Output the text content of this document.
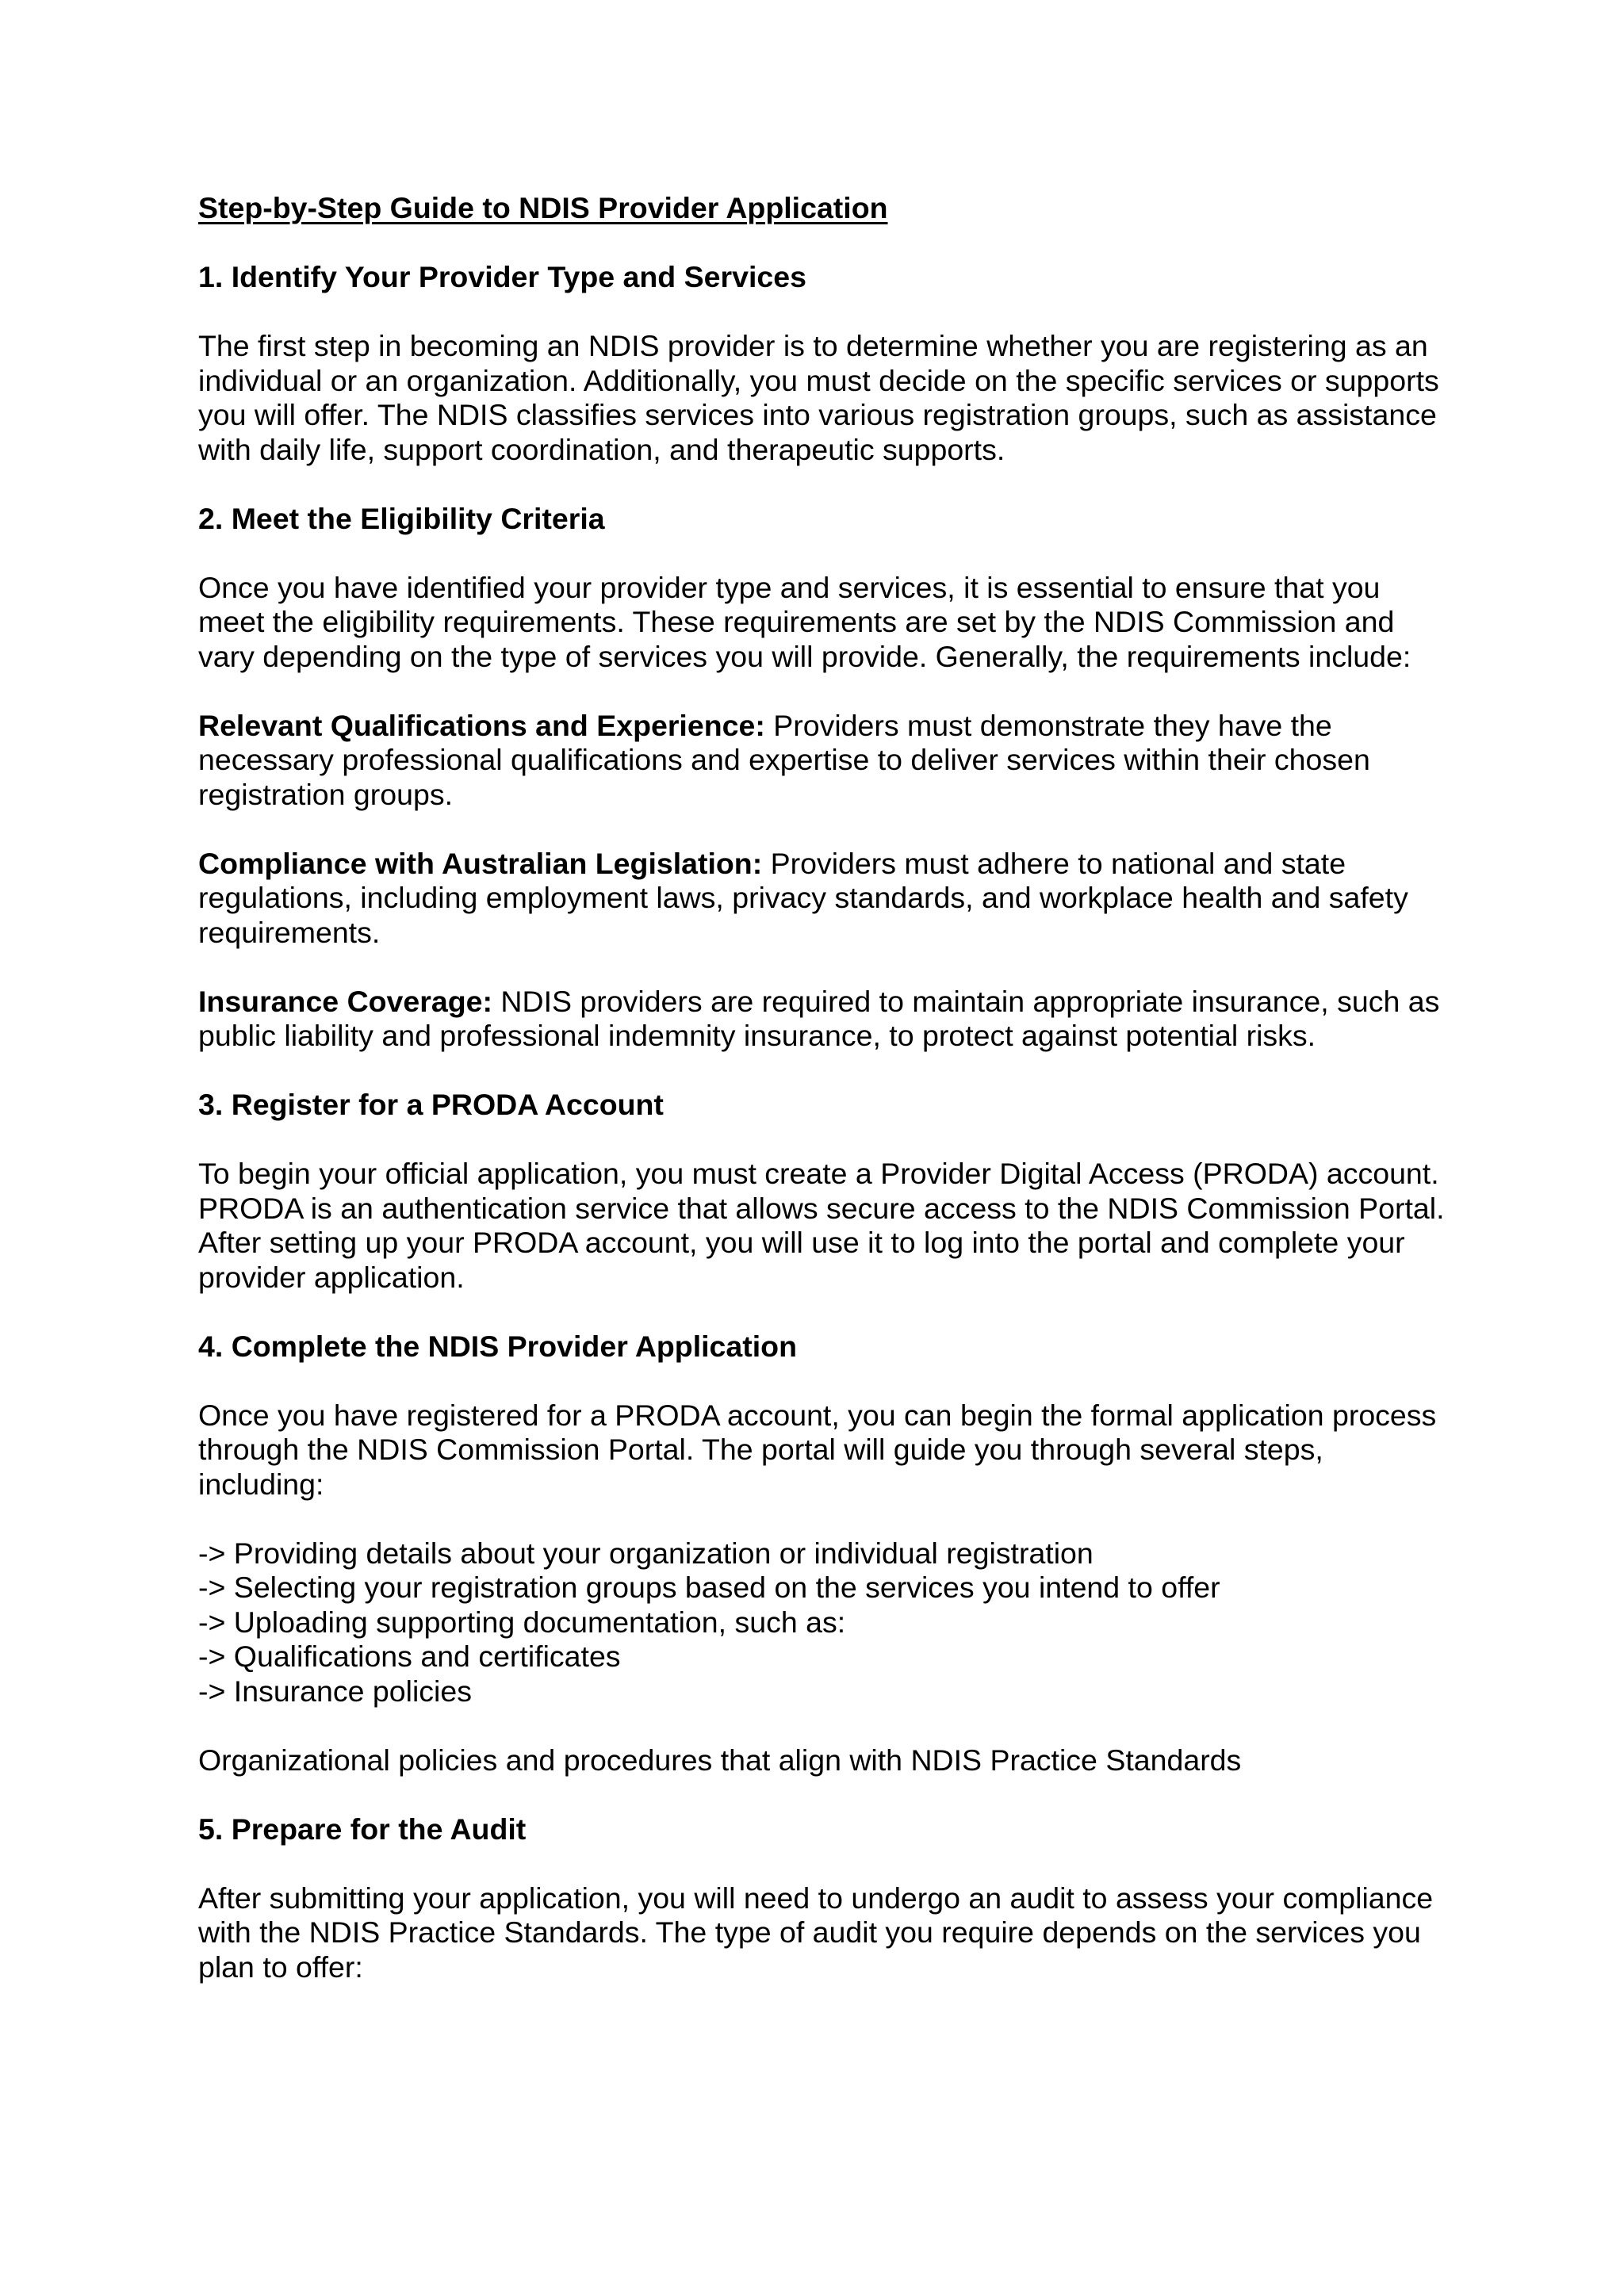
Step-by-Step Guide to NDIS Provider Application
1. Identify Your Provider Type and Services

The first step in becoming an NDIS provider is to determine whether you are registering as an individual or an organization. Additionally, you must decide on the specific services or supports you will offer. The NDIS classifies services into various registration groups, such as assistance with daily life, support coordination, and therapeutic supports.

2. Meet the Eligibility Criteria

Once you have identified your provider type and services, it is essential to ensure that you meet the eligibility requirements. These requirements are set by the NDIS Commission and vary depending on the type of services you will provide. Generally, the requirements include:

Relevant Qualifications and Experience: Providers must demonstrate they have the necessary professional qualifications and expertise to deliver services within their chosen registration groups.

Compliance with Australian Legislation: Providers must adhere to national and state regulations, including employment laws, privacy standards, and workplace health and safety requirements.

Insurance Coverage: NDIS providers are required to maintain appropriate insurance, such as public liability and professional indemnity insurance, to protect against potential risks.

3. Register for a PRODA Account

To begin your official application, you must create a Provider Digital Access (PRODA) account. PRODA is an authentication service that allows secure access to the NDIS Commission Portal. After setting up your PRODA account, you will use it to log into the portal and complete your provider application.

4. Complete the NDIS Provider Application

Once you have registered for a PRODA account, you can begin the formal application process through the NDIS Commission Portal. The portal will guide you through several steps, including:

-> Providing details about your organization or individual registration
-> Selecting your registration groups based on the services you intend to offer
-> Uploading supporting documentation, such as:
-> Qualifications and certificates
-> Insurance policies

Organizational policies and procedures that align with NDIS Practice Standards

5. Prepare for the Audit

After submitting your application, you will need to undergo an audit to assess your compliance with the NDIS Practice Standards. The type of audit you require depends on the services you plan to offer:
